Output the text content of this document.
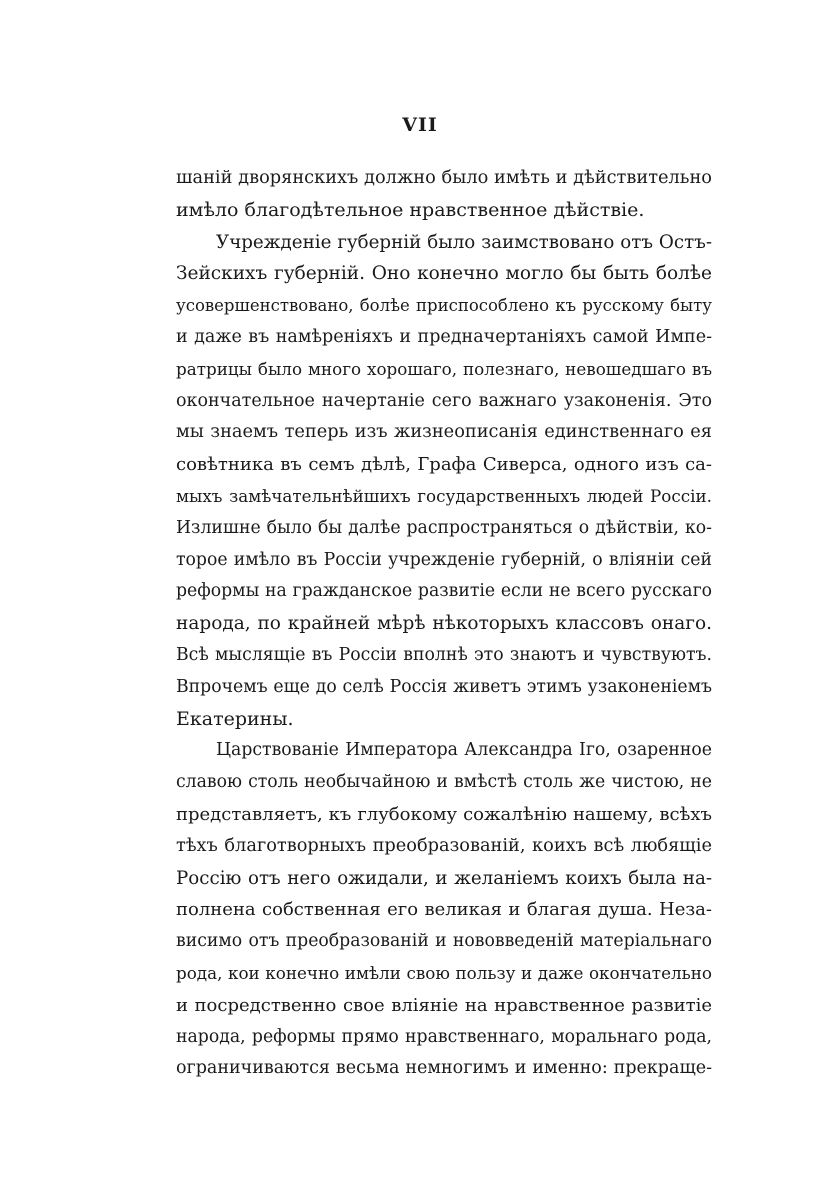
VII

шаній дворянскихъ должно было имѣть и дѣйствительно
имѣло благодѣтельное нравственное дѣйствіе.

Учрежденіе губерній было заимствовано отъ Остъ-
Зейскихъ губерній. Оно конечно могло бы быть болѣе
усовершенствовано, болѣе приспособлено къ русскому быту
и даже въ намѣреніяхъ и предначертаніяхъ самой Импе-
ратрицы было много хорошаго, полезнаго, невошедшаго въ
окончательное начертаніе сего важнаго узаконенія. Это
мы знаемъ теперь изъ жизнеописанія единственнаго ея
совѣтника въ семъ дѣлѣ, Графа Сиверса, одного изъ са-
мыхъ замѣчательнѣйшихъ государственныхъ людей Россіи.
Излишне было бы далѣе распространяться о дѣйствіи, ко-
торое имѣло въ Россіи учрежденіе губерній, о вліяніи сей
реформы на гражданское развитіе если не всего русскаго
народа, по крайней мѣрѣ нѣкоторыхъ классовъ онаго.
Всѣ мыслящіе въ Россіи вполнѣ это знаютъ и чувствуютъ.
Впрочемъ еще до селѣ Россія живетъ этимъ узаконеніемъ
Екатерины.

Царствованіе Императора Александра Iго, озаренное
славою столь необычайною и вмѣстѣ столь же чистою, не
представляетъ, къ глубокому сожалѣнію нашему, всѣхъ
тѣхъ благотворныхъ преобразованій, коихъ всѣ любящіе
Россію отъ него ожидали, и желаніемъ коихъ была на-
полнена собственная его великая и благая душа. Неза-
висимо отъ преобразованій и нововведеній матеріальнаго
рода, кои конечно имѣли свою пользу и даже окончательно
и посредственно свое вліяніе на нравственное развитіе
народа, реформы прямо нравственнаго, моральнаго рода,
ограничиваются весьма немногимъ и именно: прекраще-
